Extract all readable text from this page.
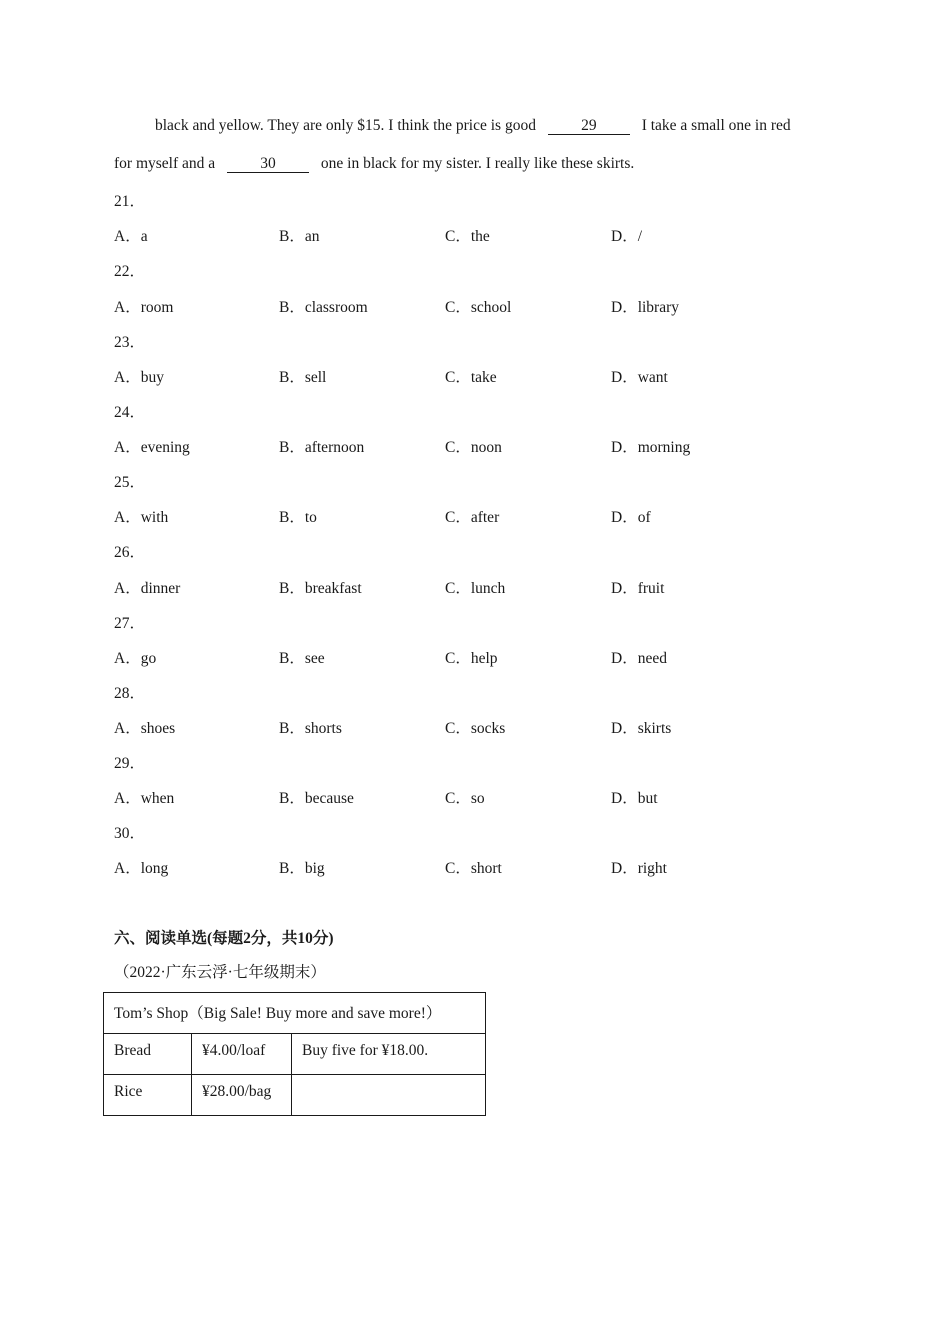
black and yellow. They are only $15. I think the price is good	29	I take a small one in red
for myself and a	30	one in black for my sister. I really like these skirts.
21．
A．a	B．an	C．the	D．/
22．
A．room	B．classroom	C．school	D．library
23．
A．buy	B．sell	C．take	D．want
24．
A．evening	B．afternoon	C．noon	D．morning
25．
A．with	B．to	C．after	D．of
26．
A．dinner	B．breakfast	C．lunch	D．fruit
27．
A．go	B．see	C．help	D．need
28．
A．shoes	B．shorts	C．socks	D．skirts
29．
A．when	B．because	C．so	D．but
30．
A．long	B．big	C．short	D．right
六、阅读单选(每题2分，共10分)
（2022·广东云浮·七年级期末）
Tom’s Shop（Big Sale! Buy more and save more!）		
Bread	¥4.00/loaf	Buy five for ¥18.00.
Rice	¥28.00/bag	
